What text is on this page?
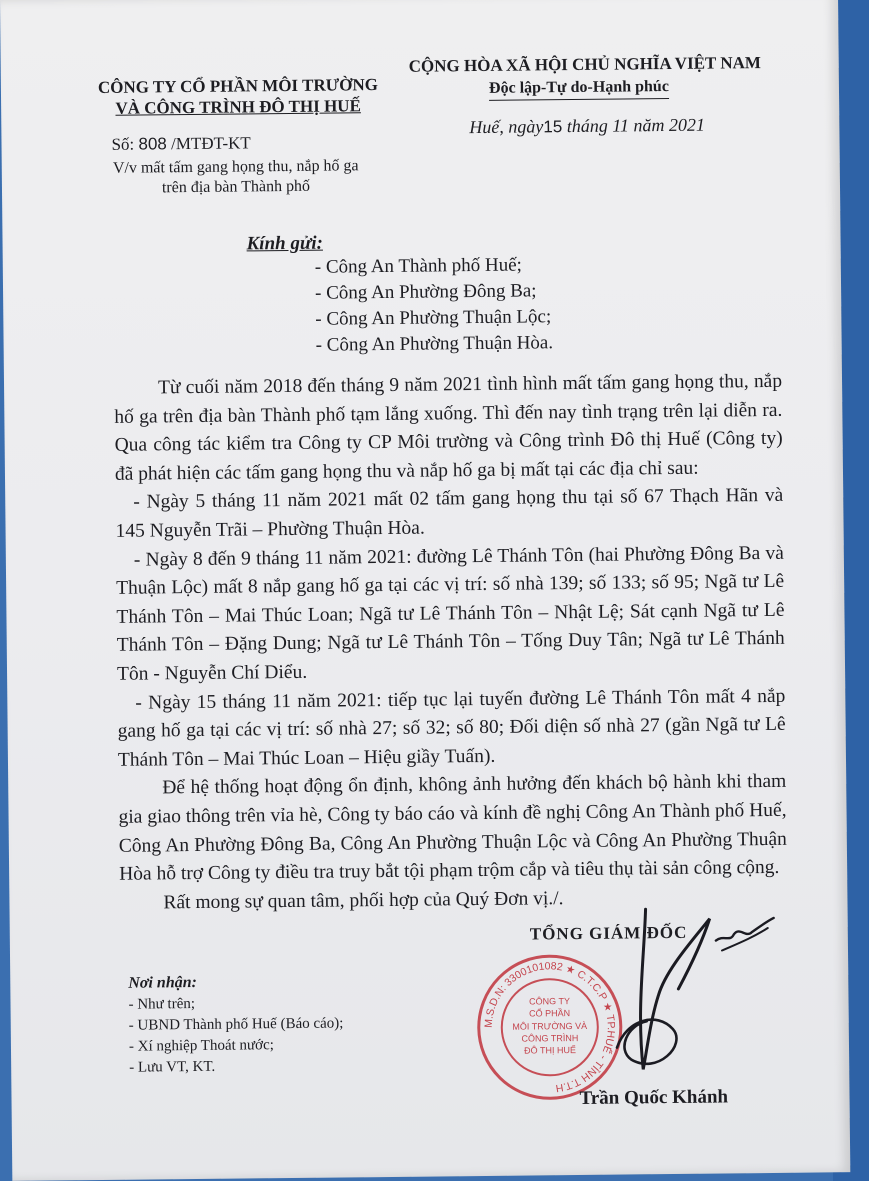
CÔNG TY CỔ PHẦN MÔI TRƯỜNG
VÀ CÔNG TRÌNH ĐÔ THỊ HUẾ
CỘNG HÒA XÃ HỘI CHỦ NGHĨA VIỆT NAM
Độc lập-Tự do-Hạnh phúc
Số: 808 /MTĐT-KT
V/v mất tấm gang họng thu, nắp hố ga
trên địa bàn Thành phố
Huế, ngày15 tháng 11 năm 2021
Kính gửi:
- Công An Thành phố Huế;
- Công An Phường Đông Ba;
- Công An Phường Thuận Lộc;
- Công An Phường Thuận Hòa.

Từ cuối năm 2018 đến tháng 9 năm 2021 tình hình mất tấm gang họng thu, nắp hố ga trên địa bàn Thành phố tạm lắng xuống. Thì đến nay tình trạng trên lại diễn ra. Qua công tác kiểm tra Công ty CP Môi trường và Công trình Đô thị Huế (Công ty) đã phát hiện các tấm gang họng thu và nắp hố ga bị mất tại các địa chỉ sau:

- Ngày 5 tháng 11 năm 2021 mất 02 tấm gang họng thu tại số 67 Thạch Hãn và 145 Nguyễn Trãi – Phường Thuận Hòa.

- Ngày 8 đến 9 tháng 11 năm 2021: đường Lê Thánh Tôn (hai Phường Đông Ba và Thuận Lộc) mất 8 nắp gang hố ga tại các vị trí: số nhà 139; số 133; số 95; Ngã tư Lê Thánh Tôn – Mai Thúc Loan; Ngã tư Lê Thánh Tôn – Nhật Lệ; Sát cạnh Ngã tư Lê Thánh Tôn – Đặng Dung; Ngã tư Lê Thánh Tôn – Tống Duy Tân; Ngã tư Lê Thánh Tôn - Nguyễn Chí Diểu.

- Ngày 15 tháng 11 năm 2021: tiếp tục lại tuyến đường Lê Thánh Tôn mất 4 nắp gang hố ga tại các vị trí: số nhà 27; số 32; số 80; Đối diện số nhà 27 (gần Ngã tư Lê Thánh Tôn – Mai Thúc Loan – Hiệu giầy Tuấn).

Để hệ thống hoạt động ổn định, không ảnh hưởng đến khách bộ hành khi tham gia giao thông trên vỉa hè, Công ty báo cáo và kính đề nghị Công An Thành phố Huế, Công An Phường Đông Ba, Công An Phường Thuận Lộc và Công An Phường Thuận Hòa hỗ trợ Công ty điều tra truy bắt tội phạm trộm cắp và tiêu thụ tài sản công cộng.

Rất mong sự quan tâm, phối hợp của Quý Đơn vị./.

TỔNG GIÁM ĐỐC
M.S.D.N: 3300101082 ★ C.T.C.P ★ TP.HUẾ - TỈNH T.T.H
CÔNG TY
CỔ PHẦN
MÔI TRƯỜNG VÀ
CÔNG TRÌNH
ĐÔ THỊ HUẾ
Trần Quốc Khánh
Nơi nhận:
- Như trên;
- UBND Thành phố Huế (Báo cáo);
- Xí nghiệp Thoát nước;
- Lưu VT, KT.
